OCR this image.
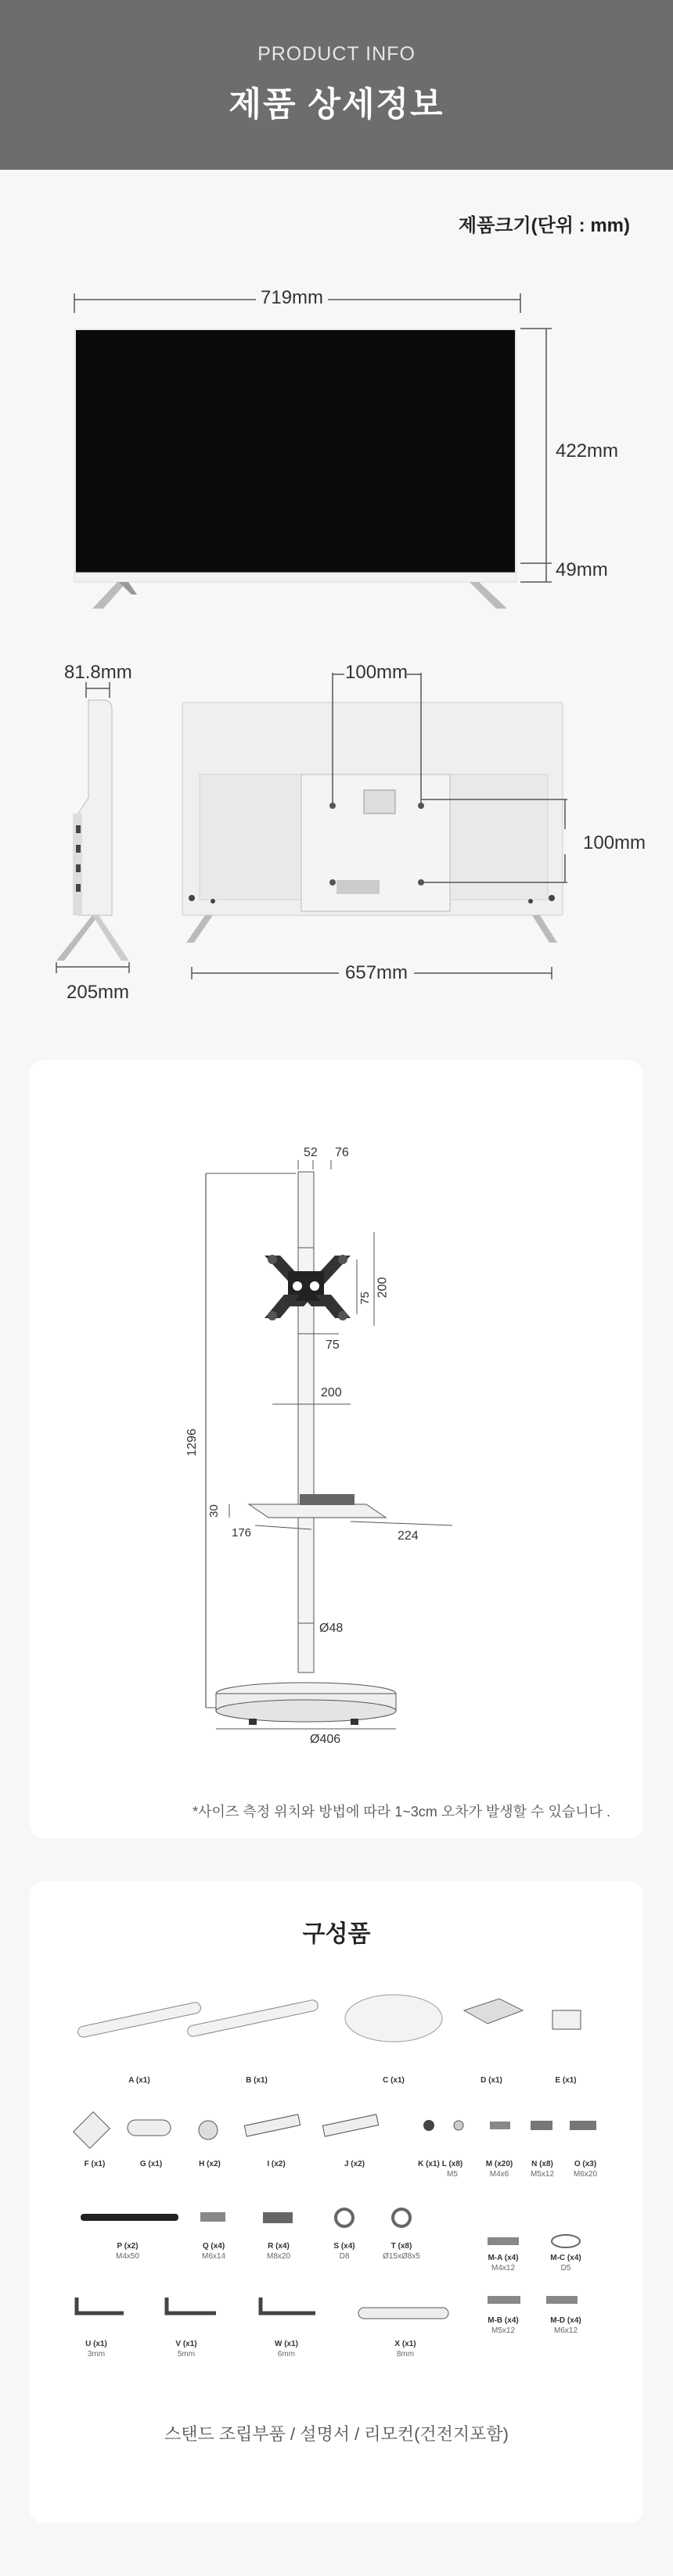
PRODUCT INFO
제품 상세정보
제품크기(단위 : mm)
719mm
422mm
49mm
81.8mm
205mm
100mm
100mm
657mm
52 76
75
200
75
200
1296
30
176	224
Ø48
Ø406
*사이즈 측정 위치와 방법에 따라 1~3cm 오차가 발생할 수 있습니다 .
구성품
A (x1)	B (x1)	C (x1)	D (x1)	E (x1)
F (x1)	G (x1)	H (x2)	I (x2)	J (x2)	K (x1) L (x8)
M5
M (x20)
M4x6
N (x8)
M5x12
O (x3)
M6x20
P (x2)
M4x50
Q (x4)
M6x14
R (x4)
M8x20
S (x4)
D8
T (x8)
Ø15xØ8x5	M-A (x4)
M4x12
M-C (x4)
D5
U (x1)
3mm
V (x1)
5mm
W (x1)
6mm
X (x1)
8mm
M-B (x4)
M5x12
M-D (x4)
M6x12
스탠드 조립부품 / 설명서 / 리모컨(건전지포함)
